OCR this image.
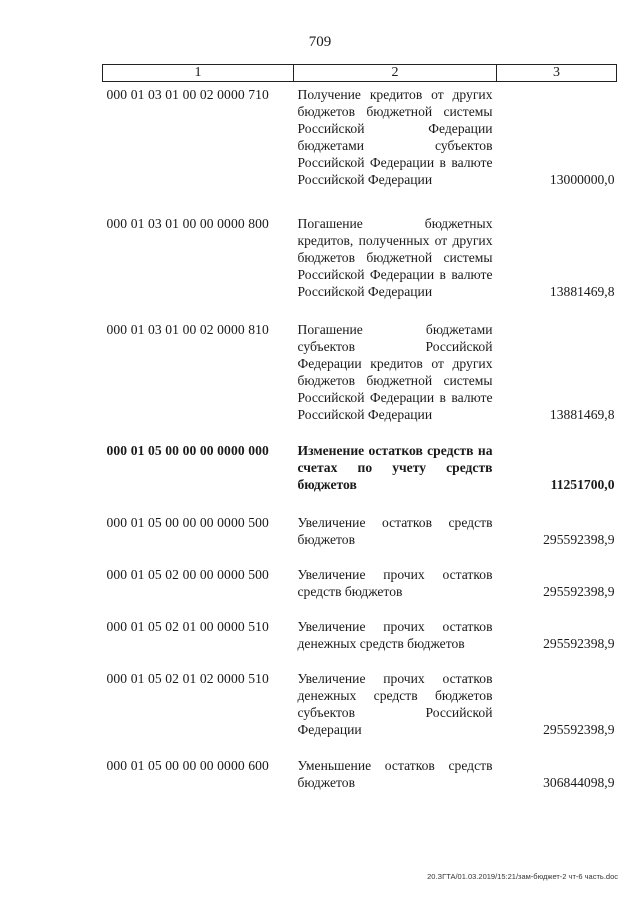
709
1	2	3
000 01 03 01 00 02 0000 710	Получение кредитов от других бюджетов бюджетной системы Российской Федерации бюджетами субъектов Российской Федерации в валюте Российской Федерации	13000000,0
000 01 03 01 00 00 0000 800	Погашение бюджетных кредитов, полученных от других бюджетов бюджетной системы Российской Федерации в валюте Российской Федерации	13881469,8
000 01 03 01 00 02 0000 810	Погашение бюджетами субъектов Российской Федерации кредитов от других бюджетов бюджетной системы Российской Федерации в валюте Российской Федерации	13881469,8
000 01 05 00 00 00 0000 000	Изменение остатков средств на счетах по учету средств бюджетов	11251700,0
000 01 05 00 00 00 0000 500	Увеличение остатков средств бюджетов	295592398,9
000 01 05 02 00 00 0000 500	Увеличение прочих остатков средств бюджетов	295592398,9
000 01 05 02 01 00 0000 510	Увеличение прочих остатков денежных средств бюджетов	295592398,9
000 01 05 02 01 02 0000 510	Увеличение прочих остатков денежных средств бюджетов субъектов Российской Федерации	295592398,9
000 01 05 00 00 00 0000 600	Уменьшение остатков средств бюджетов	306844098,9
20.ЗГТА/01.03.2019/15:21/зам-бюджет-2 чт-6 часть.doc
